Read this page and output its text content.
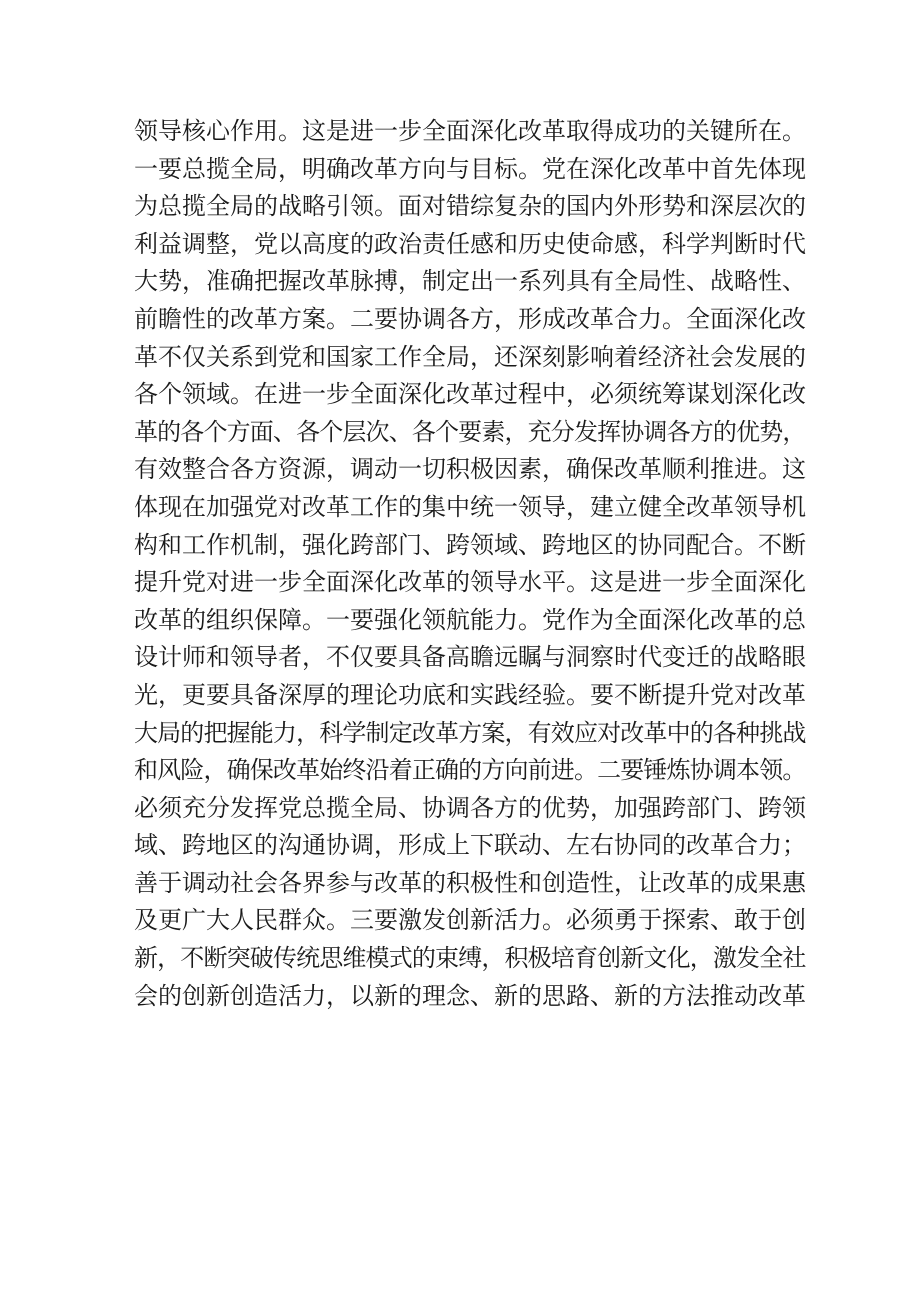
领导核心作用。这是进一步全面深化改革取得成功的关键所在。
一要总揽全局，明确改革方向与目标。党在深化改革中首先体现
为总揽全局的战略引领。面对错综复杂的国内外形势和深层次的
利益调整，党以高度的政治责任感和历史使命感，科学判断时代
大势，准确把握改革脉搏，制定出一系列具有全局性、战略性、
前瞻性的改革方案。二要协调各方，形成改革合力。全面深化改
革不仅关系到党和国家工作全局，还深刻影响着经济社会发展的
各个领域。在进一步全面深化改革过程中，必须统筹谋划深化改
革的各个方面、各个层次、各个要素，充分发挥协调各方的优势，
有效整合各方资源，调动一切积极因素，确保改革顺利推进。这
体现在加强党对改革工作的集中统一领导，建立健全改革领导机
构和工作机制，强化跨部门、跨领域、跨地区的协同配合。不断
提升党对进一步全面深化改革的领导水平。这是进一步全面深化
改革的组织保障。一要强化领航能力。党作为全面深化改革的总
设计师和领导者，不仅要具备高瞻远瞩与洞察时代变迁的战略眼
光，更要具备深厚的理论功底和实践经验。要不断提升党对改革
大局的把握能力，科学制定改革方案，有效应对改革中的各种挑战
和风险，确保改革始终沿着正确的方向前进。二要锤炼协调本领。
必须充分发挥党总揽全局、协调各方的优势，加强跨部门、跨领
域、跨地区的沟通协调，形成上下联动、左右协同的改革合力；
善于调动社会各界参与改革的积极性和创造性，让改革的成果惠
及更广大人民群众。三要激发创新活力。必须勇于探索、敢于创
新，不断突破传统思维模式的束缚，积极培育创新文化，激发全社
会的创新创造活力，以新的理念、新的思路、新的方法推动改革
